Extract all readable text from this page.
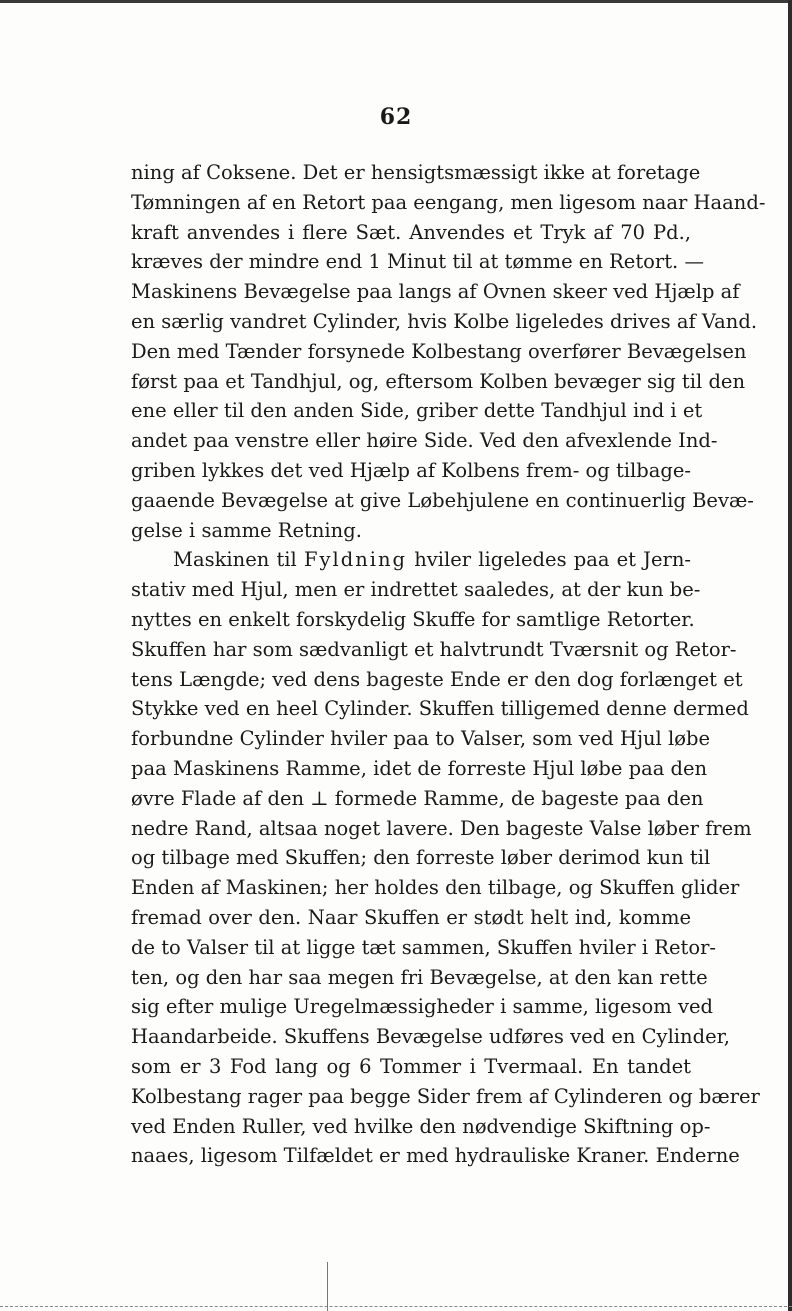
62
ning af Coksene. Det er hensigtsmæssigt ikke at foretage
Tømningen af en Retort paa eengang, men ligesom naar Haand-
kraft anvendes i flere Sæt. Anvendes et Tryk af 70 Pd.,
kræves der mindre end 1 Minut til at tømme en Retort. —
Maskinens Bevægelse paa langs af Ovnen skeer ved Hjælp af
en særlig vandret Cylinder, hvis Kolbe ligeledes drives af Vand.
Den med Tænder forsynede Kolbestang overfører Bevægelsen
først paa et Tandhjul, og, eftersom Kolben bevæger sig til den
ene eller til den anden Side, griber dette Tandhjul ind i et
andet paa venstre eller høire Side. Ved den afvexlende Ind-
griben lykkes det ved Hjælp af Kolbens frem- og tilbage-
gaaende Bevægelse at give Løbehjulene en continuerlig Bevæ-
gelse i samme Retning.
Maskinen til Fyldning hviler ligeledes paa et Jern-
stativ med Hjul, men er indrettet saaledes, at der kun be-
nyttes en enkelt forskydelig Skuffe for samtlige Retorter.
Skuffen har som sædvanligt et halvtrundt Tværsnit og Retor-
tens Længde; ved dens bageste Ende er den dog forlænget et
Stykke ved en heel Cylinder. Skuffen tilligemed denne dermed
forbundne Cylinder hviler paa to Valser, som ved Hjul løbe
paa Maskinens Ramme, idet de forreste Hjul løbe paa den
øvre Flade af den ⊥ formede Ramme, de bageste paa den
nedre Rand, altsaa noget lavere. Den bageste Valse løber frem
og tilbage med Skuffen; den forreste løber derimod kun til
Enden af Maskinen; her holdes den tilbage, og Skuffen glider
fremad over den. Naar Skuffen er stødt helt ind, komme
de to Valser til at ligge tæt sammen, Skuffen hviler i Retor-
ten, og den har saa megen fri Bevægelse, at den kan rette
sig efter mulige Uregelmæssigheder i samme, ligesom ved
Haandarbeide. Skuffens Bevægelse udføres ved en Cylinder,
som er 3 Fod lang og 6 Tommer i Tvermaal. En tandet
Kolbestang rager paa begge Sider frem af Cylinderen og bærer
ved Enden Ruller, ved hvilke den nødvendige Skiftning op-
naaes, ligesom Tilfældet er med hydrauliske Kraner. Enderne
